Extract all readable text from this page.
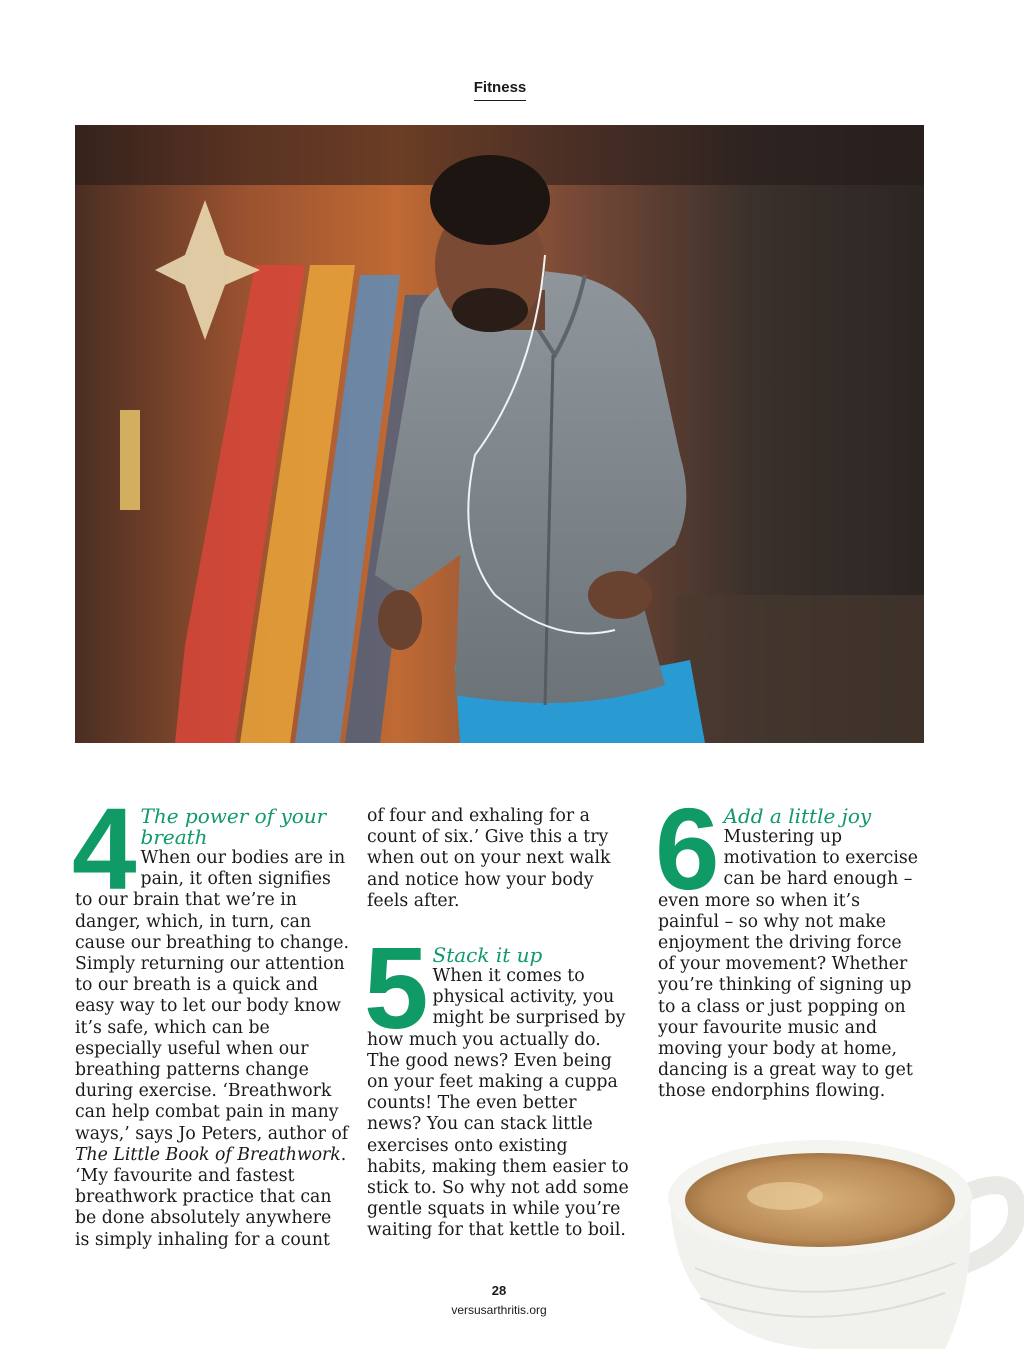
Fitness
4 The power of your breath

When our bodies are in pain, it often signifies to our brain that we’re in danger, which, in turn, can cause our breathing to change. Simply returning our attention to our breath is a quick and easy way to let our body know it’s safe, which can be especially useful when our breathing patterns change during exercise. ‘Breathwork can help combat pain in many ways,’ says Jo Peters, author of The Little Book of Breathwork. ‘My favourite and fastest breathwork practice that can be done absolutely anywhere is simply inhaling for a count

of four and exhaling for a count of six.’ Give this a try when out on your next walk and notice how your body feels after.

5 Stack it up

When it comes to physical activity, you might be surprised by how much you actually do. The good news? Even being on your feet making a cuppa counts! The even better news? You can stack little exercises onto existing habits, making them easier to stick to. So why not add some gentle squats in while you’re waiting for that kettle to boil.

6 Add a little joy

Mustering up motivation to exercise can be hard enough – even more so when it’s painful – so why not make enjoyment the driving force of your movement? Whether you’re thinking of signing up to a class or just popping on your favourite music and moving your body at home, dancing is a great way to get those endorphins flowing.

28
versusarthritis.org
